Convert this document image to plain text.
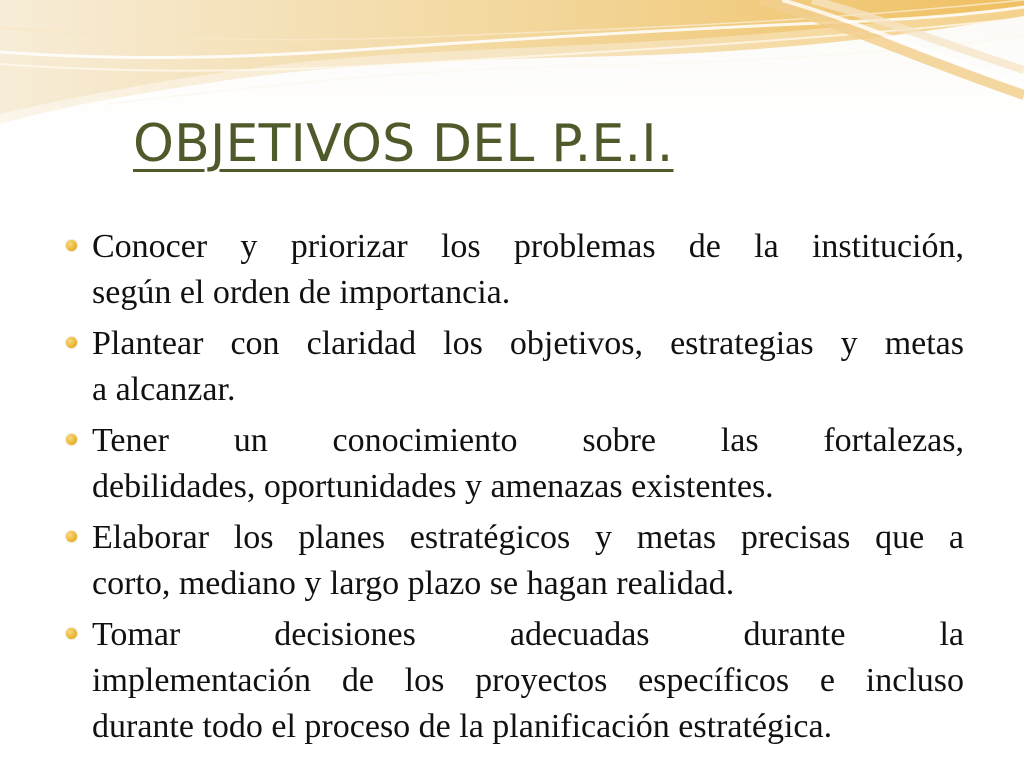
OBJETIVOS DEL P.E.I.
Conocer y priorizar los problemas de la institución,
según el orden de importancia.
Plantear con claridad los objetivos, estrategias y metas
a alcanzar.
Tener un conocimiento sobre las fortalezas,
debilidades, oportunidades y amenazas existentes.
Elaborar los planes estratégicos y metas precisas que a
corto, mediano y largo plazo se hagan realidad.
Tomar decisiones adecuadas durante la
implementación de los proyectos específicos e incluso
durante todo el proceso de la planificación estratégica.
